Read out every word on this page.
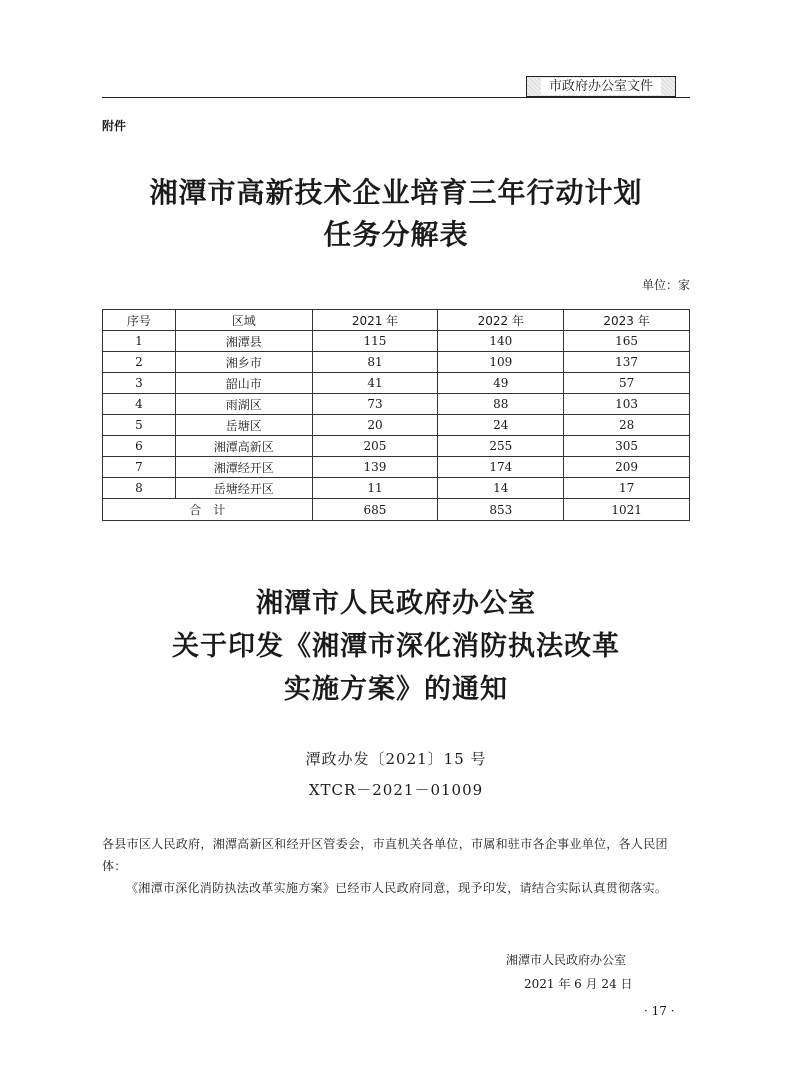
市政府办公室文件
附件
湘潭市高新技术企业培育三年行动计划
任务分解表
单位：家
序号	区域	2021 年	2022 年	2023 年
1	湘潭县	115	140	165
2	湘乡市	81	109	137
3	韶山市	41	49	57
4	雨湖区	73	88	103
5	岳塘区	20	24	28
6	湘潭高新区	205	255	305
7	湘潭经开区	139	174	209
8	岳塘经开区	11	14	17
合　计		685	853	1021
湘潭市人民政府办公室
关于印发《湘潭市深化消防执法改革
实施方案》的通知
潭政办发〔2021〕15 号
XTCR－2021－01009

各县市区人民政府，湘潭高新区和经开区管委会，市直机关各单位，市属和驻市各企事业单位，各人民团体：

《湘潭市深化消防执法改革实施方案》已经市人民政府同意，现予印发，请结合实际认真贯彻落实。

湘潭市人民政府办公室
2021 年 6 月 24 日
· 17 ·
